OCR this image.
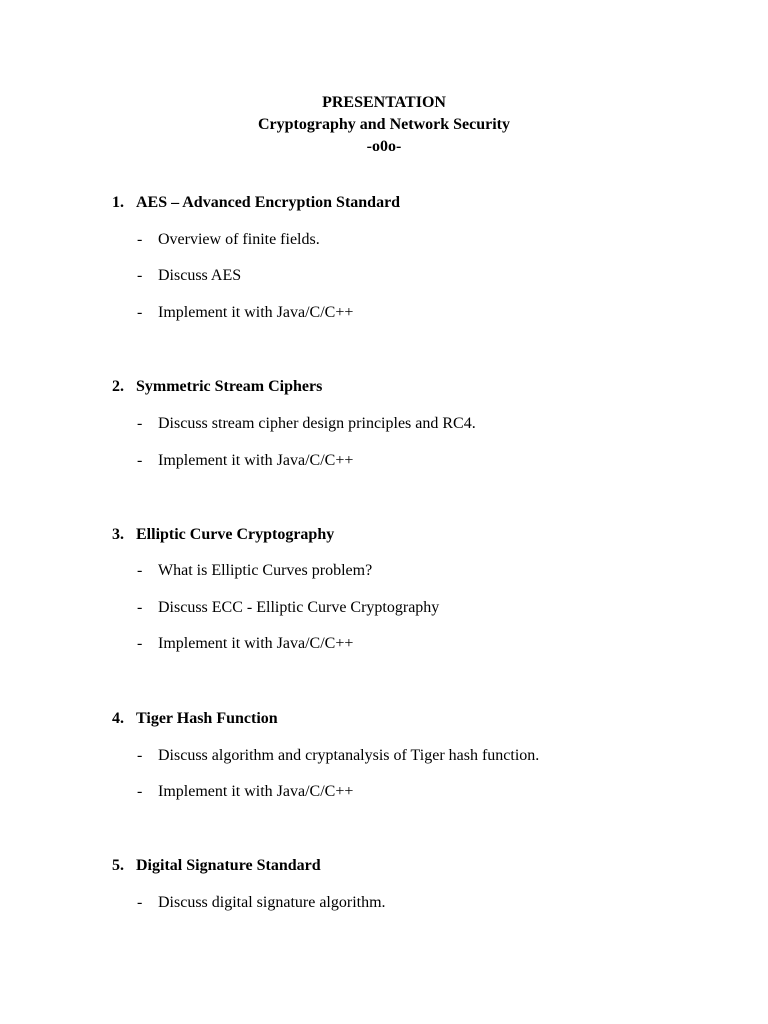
PRESENTATION
Cryptography and Network Security
-o0o-
1. AES – Advanced Encryption Standard
- Overview of finite fields.
- Discuss AES
- Implement it with Java/C/C++
2. Symmetric Stream Ciphers
- Discuss stream cipher design principles and RC4.
- Implement it with Java/C/C++
3. Elliptic Curve Cryptography
- What is Elliptic Curves problem?
- Discuss ECC - Elliptic Curve Cryptography
- Implement it with Java/C/C++
4. Tiger Hash Function
- Discuss algorithm and cryptanalysis of Tiger hash function.
- Implement it with Java/C/C++
5. Digital Signature Standard
- Discuss digital signature algorithm.
